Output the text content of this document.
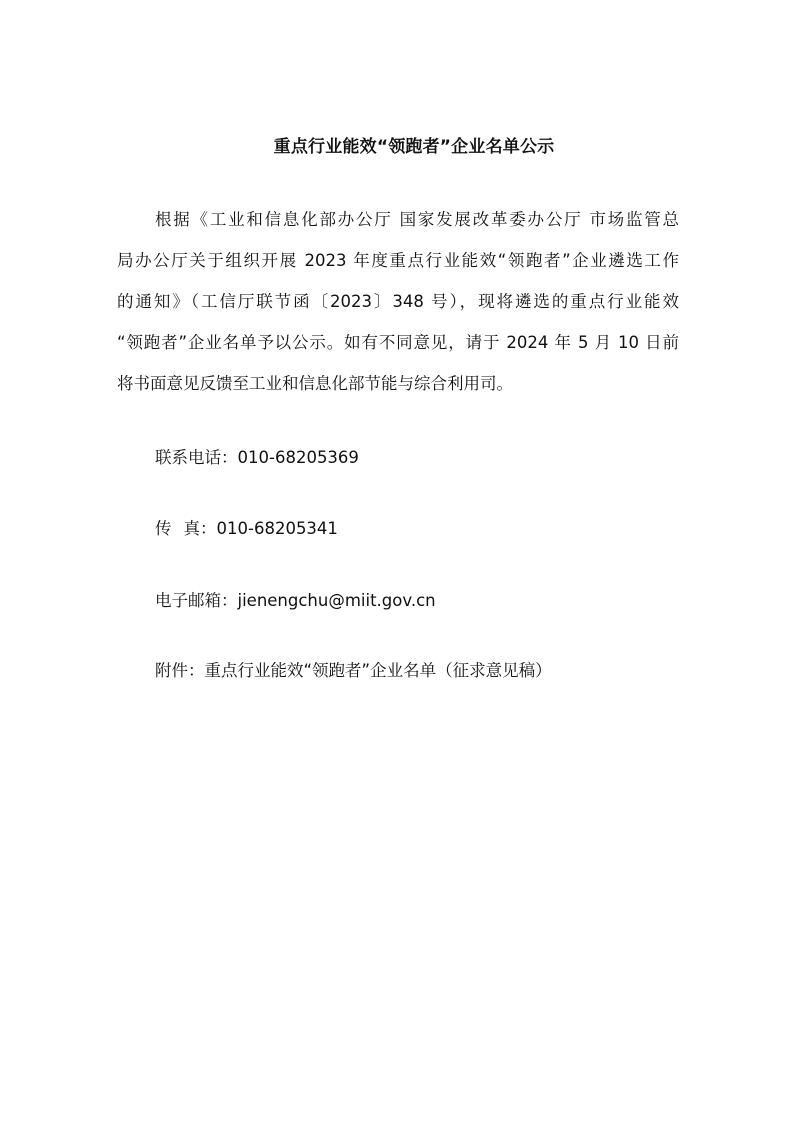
重点行业能效“领跑者”企业名单公示
根据《工业和信息化部办公厅 国家发展改革委办公厅 市场监管总
局办公厅关于组织开展 2023 年度重点行业能效“领跑者”企业遴选工作
的通知》（工信厅联节函〔2023〕348 号），现将遴选的重点行业能效
“领跑者”企业名单予以公示。如有不同意见，请于 2024 年 5 月 10 日前
将书面意见反馈至工业和信息化部节能与综合利用司。
联系电话：010-68205369
传真：010-68205341
电子邮箱：jienengchu@miit.gov.cn
附件：重点行业能效“领跑者”企业名单（征求意见稿）
